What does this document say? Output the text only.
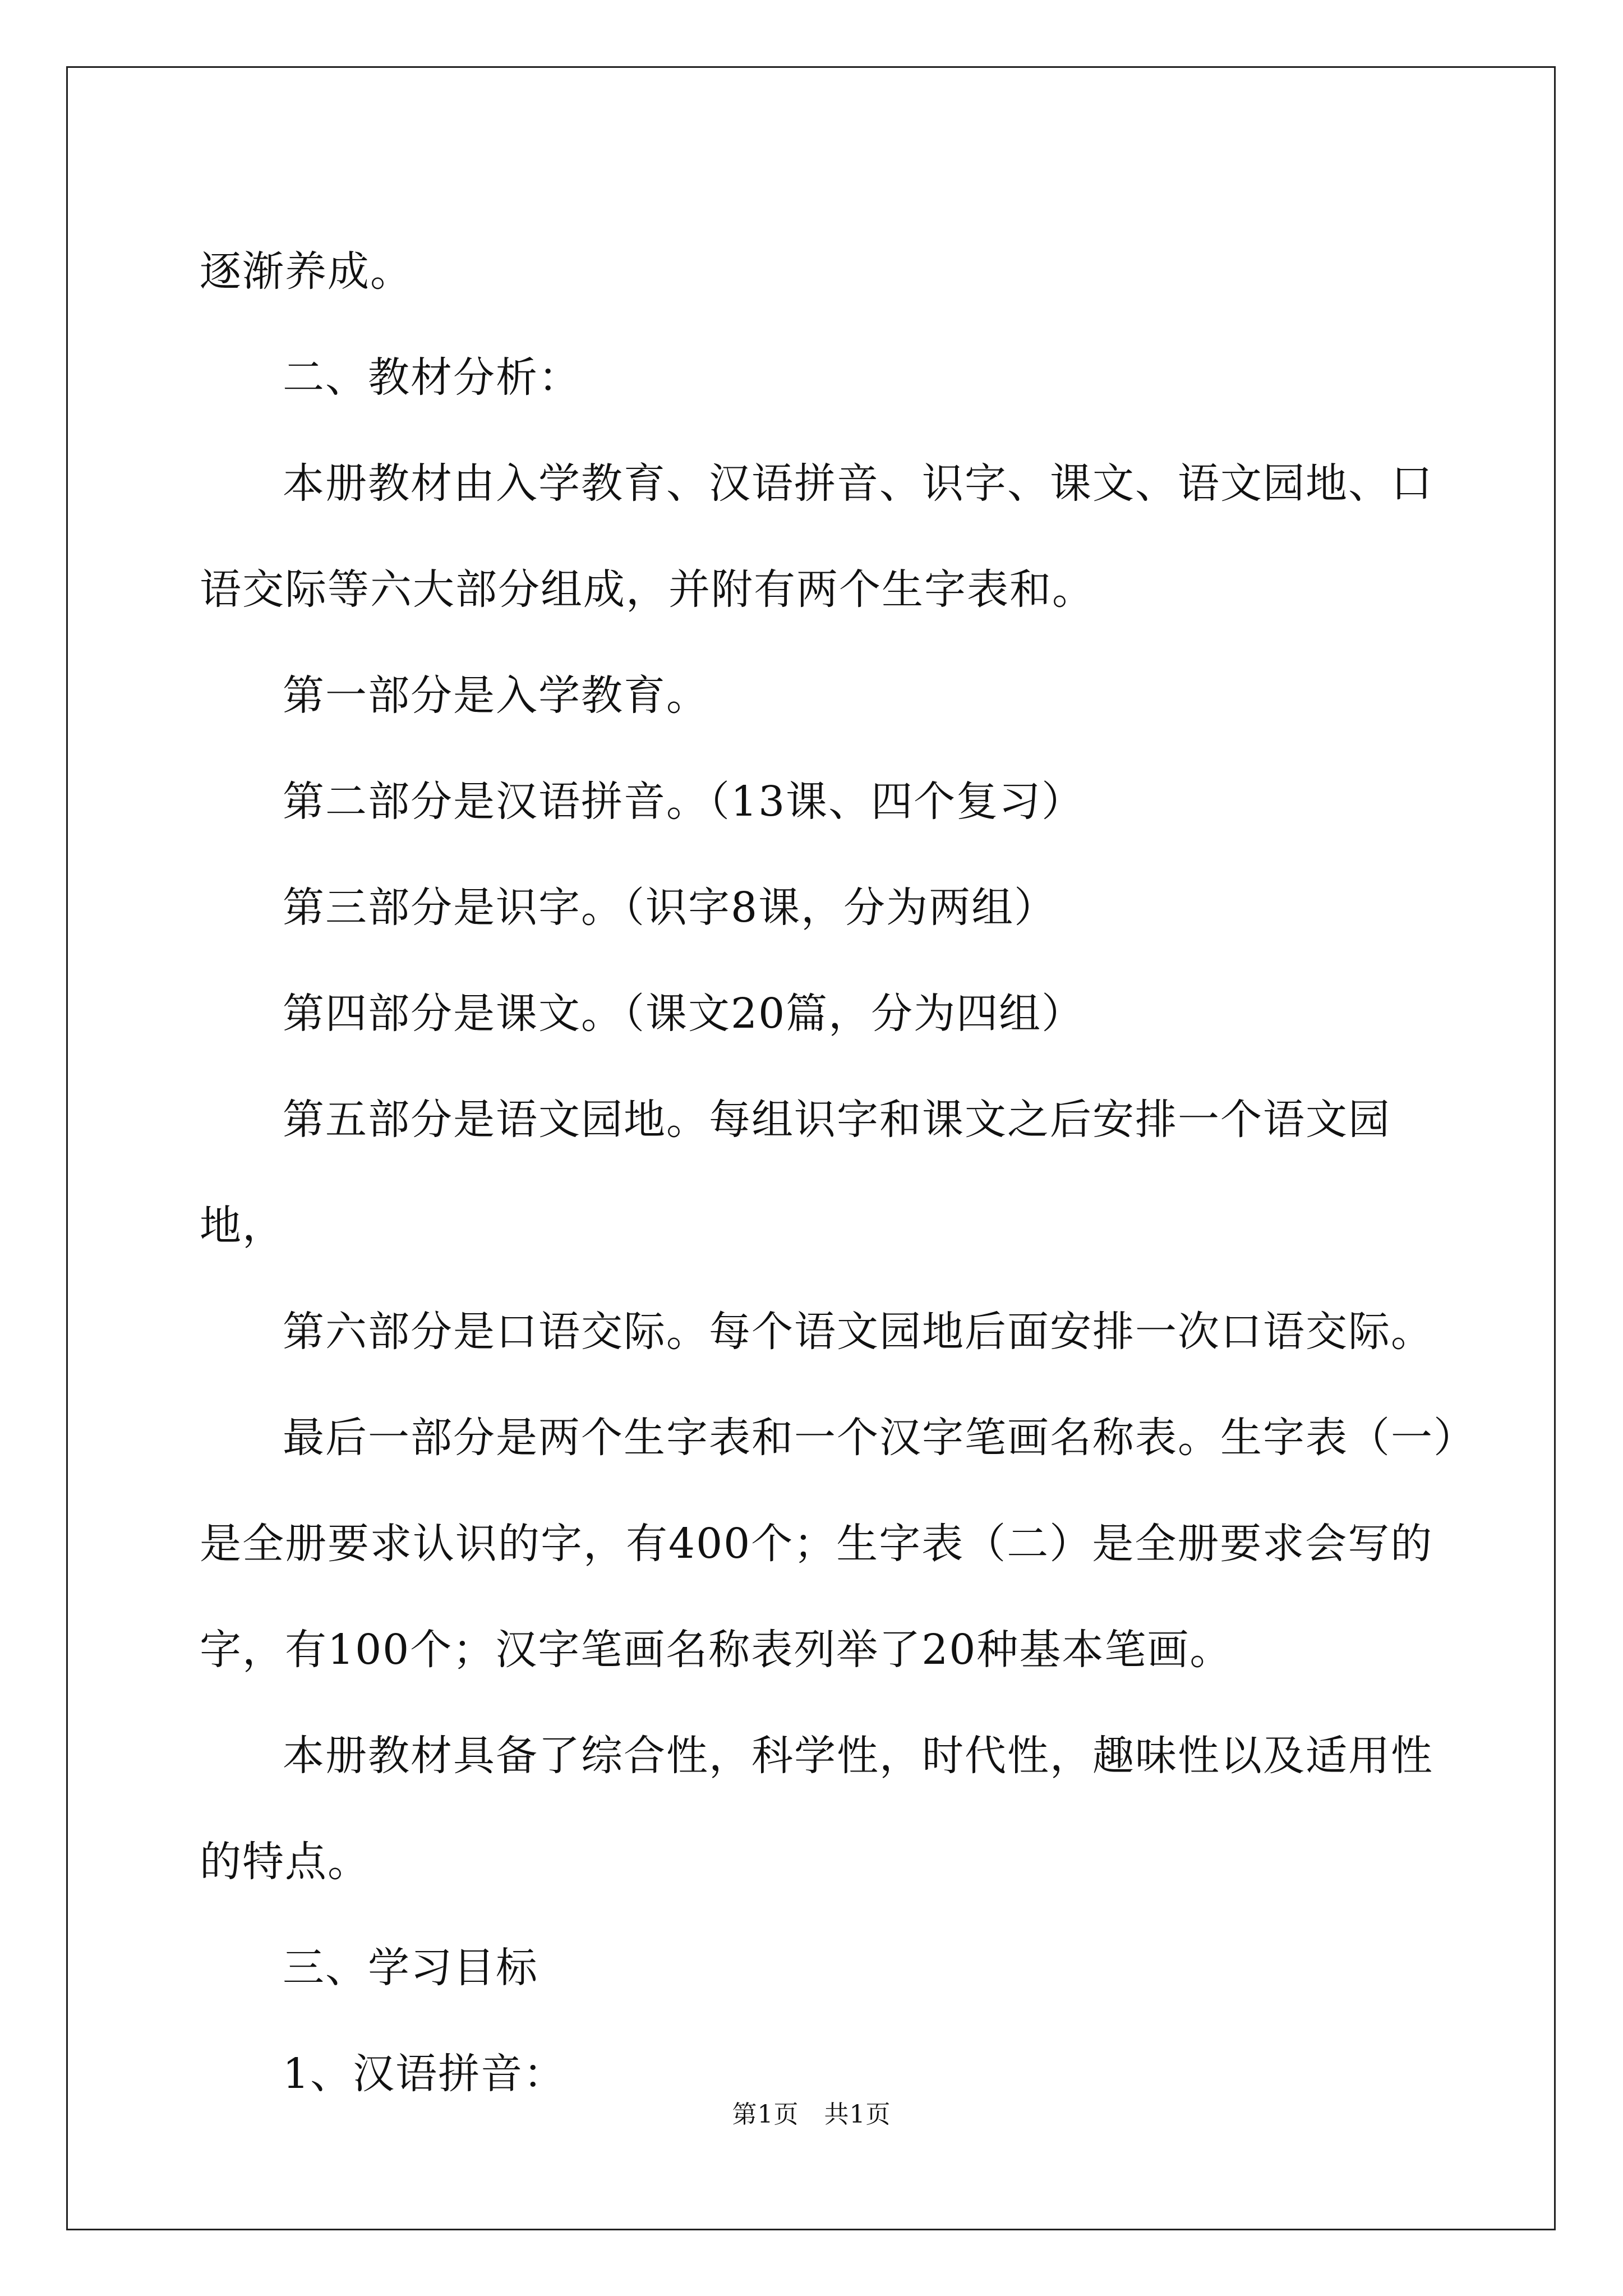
逐渐养成。

二、教材分析：

本册教材由入学教育、汉语拼音、识字、课文、语文园地、口语交际等六大部分组成，并附有两个生字表和。

第一部分是入学教育。

第二部分是汉语拼音。（13课、四个复习）

第三部分是识字。（识字8课，分为两组）

第四部分是课文。（课文20篇，分为四组）

第五部分是语文园地。每组识字和课文之后安排一个语文园地，

第六部分是口语交际。每个语文园地后面安排一次口语交际。

最后一部分是两个生字表和一个汉字笔画名称表。生字表（一）是全册要求认识的字，有400个；生字表（二）是全册要求会写的字，有100个；汉字笔画名称表列举了20种基本笔画。

本册教材具备了综合性，科学性，时代性，趣味性以及适用性的特点。

三、学习目标

1、汉语拼音：

第1页　共1页
